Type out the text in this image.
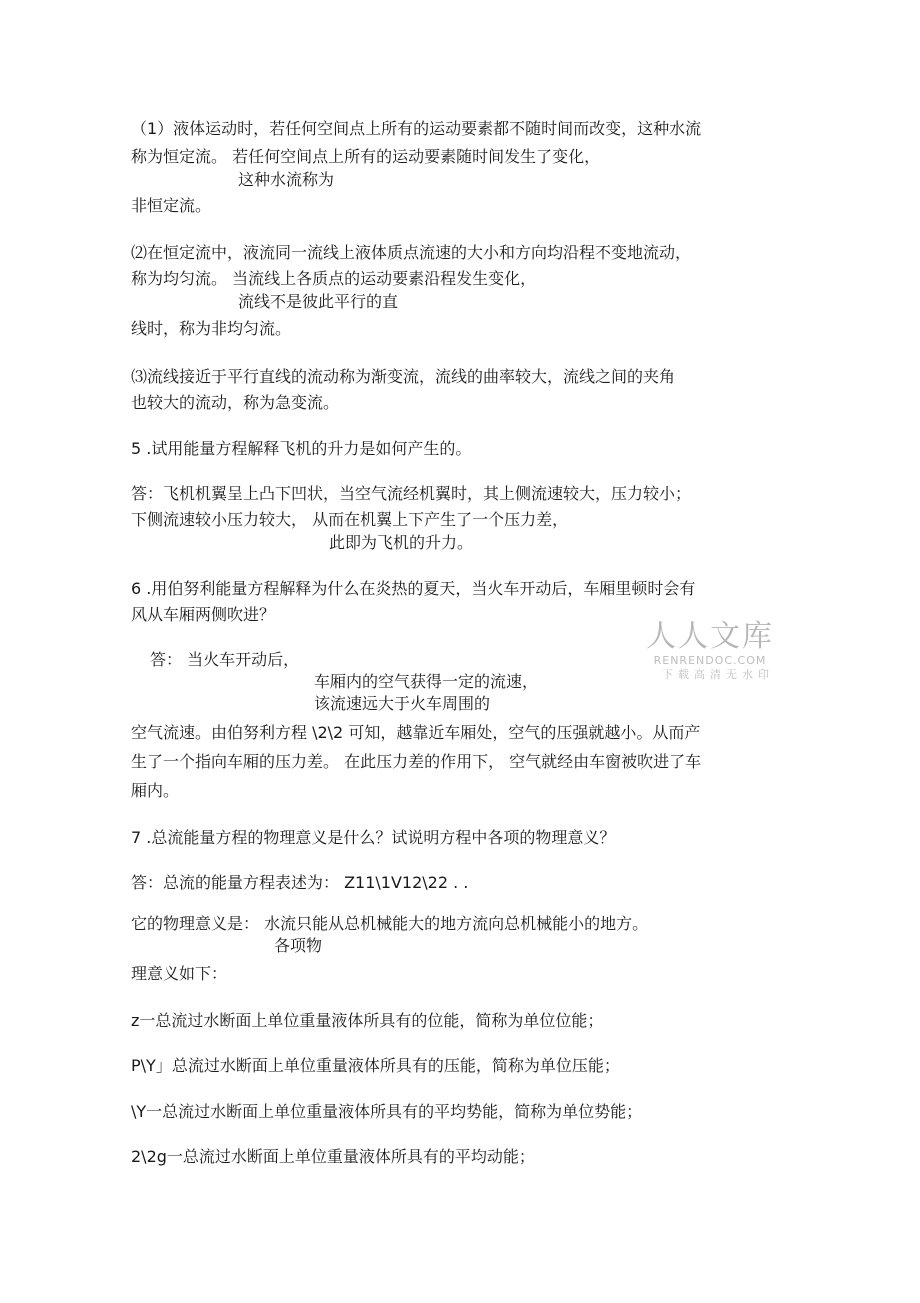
（1）液体运动时，若任何空间点上所有的运动要素都不随时间而改变，这种水流
称为恒定流。 若任何空间点上所有的运动要素随时间发生了变化，
这种水流称为
非恒定流。
⑵在恒定流中，液流同一流线上液体质点流速的大小和方向均沿程不变地流动，
称为均匀流。 当流线上各质点的运动要素沿程发生变化，
流线不是彼此平行的直
线时，称为非均匀流。
⑶流线接近于平行直线的流动称为渐变流，流线的曲率较大，流线之间的夹角
也较大的流动，称为急变流。
5 .试用能量方程解释飞机的升力是如何产生的。
答：飞机机翼呈上凸下凹状，当空气流经机翼时，其上侧流速较大，压力较小；
下侧流速较小压力较大， 从而在机翼上下产生了一个压力差，
此即为飞机的升力。
6 .用伯努利能量方程解释为什么在炎热的夏天，当火车开动后，车厢里顿时会有
风从车厢两侧吹进？
答： 当火车开动后，
车厢内的空气获得一定的流速，
该流速远大于火车周围的
空气流速。由伯努利方程 \2\2 可知，越靠近车厢处，空气的压强就越小。从而产
生了一个指向车厢的压力差。 在此压力差的作用下， 空气就经由车窗被吹进了车
厢内。
7 .总流能量方程的物理意义是什么？试说明方程中各项的物理意义？
答：总流的能量方程表述为： Z11\1V12\22 . .
它的物理意义是： 水流只能从总机械能大的地方流向总机械能小的地方。
各项物
理意义如下：
z一总流过水断面上单位重量液体所具有的位能，简称为单位位能；
P\Y」总流过水断面上单位重量液体所具有的压能，简称为单位压能；
\Y一总流过水断面上单位重量液体所具有的平均势能，简称为单位势能；
2\2g一总流过水断面上单位重量液体所具有的平均动能；
人人文库
RENRENDOC.COM
下载高清无水印
